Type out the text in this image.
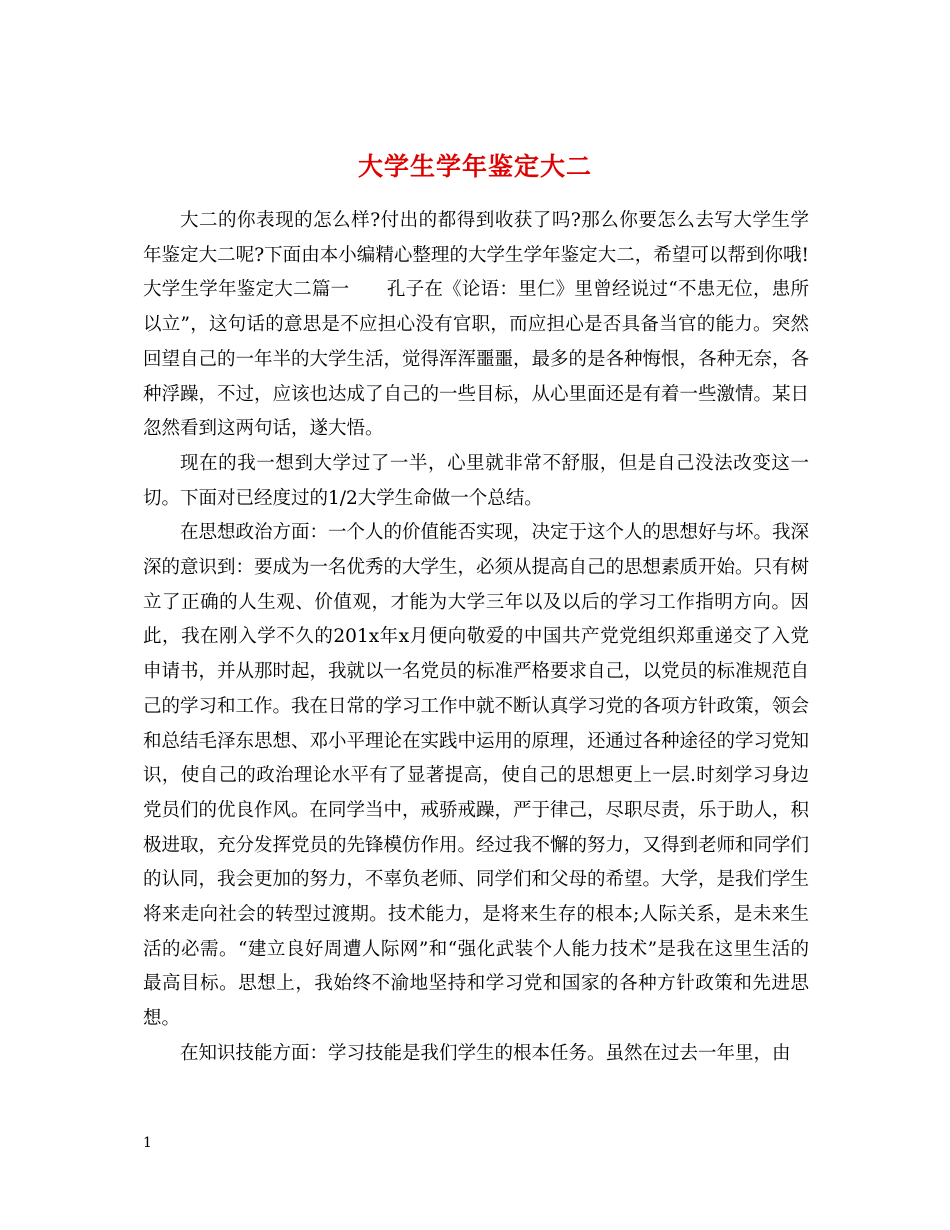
大学生学年鉴定大二

大二的你表现的怎么样?付出的都得到收获了吗?那么你要怎么去写大学生学年鉴定大二呢?下面由本小编精心整理的大学生学年鉴定大二，希望可以帮到你哦!大学生学年鉴定大二篇一　　孔子在《论语：里仁》里曾经说过“不患无位，患所以立”，这句话的意思是不应担心没有官职，而应担心是否具备当官的能力。突然回望自己的一年半的大学生活，觉得浑浑噩噩，最多的是各种悔恨，各种无奈，各种浮躁，不过，应该也达成了自己的一些目标，从心里面还是有着一些激情。某日忽然看到这两句话，遂大悟。

现在的我一想到大学过了一半，心里就非常不舒服，但是自己没法改变这一切。下面对已经度过的1/2大学生命做一个总结。

在思想政治方面：一个人的价值能否实现，决定于这个人的思想好与坏。我深深的意识到：要成为一名优秀的大学生，必须从提高自己的思想素质开始。只有树立了正确的人生观、价值观，才能为大学三年以及以后的学习工作指明方向。因此，我在刚入学不久的201x年x月便向敬爱的中国共产党党组织郑重递交了入党申请书，并从那时起，我就以一名党员的标准严格要求自己，以党员的标准规范自己的学习和工作。我在日常的学习工作中就不断认真学习党的各项方针政策，领会和总结毛泽东思想、邓小平理论在实践中运用的原理，还通过各种途径的学习党知识，使自己的政治理论水平有了显著提高，使自己的思想更上一层.时刻学习身边党员们的优良作风。在同学当中，戒骄戒躁，严于律己，尽职尽责，乐于助人，积极进取，充分发挥党员的先锋模仿作用。经过我不懈的努力，又得到老师和同学们的认同，我会更加的努力，不辜负老师、同学们和父母的希望。大学，是我们学生将来走向社会的转型过渡期。技术能力，是将来生存的根本;人际关系，是未来生活的必需。“建立良好周遭人际网”和“强化武装个人能力技术”是我在这里生活的最高目标。思想上，我始终不渝地坚持和学习党和国家的各种方针政策和先进思想。

在知识技能方面：学习技能是我们学生的根本任务。虽然在过去一年里，由

1
